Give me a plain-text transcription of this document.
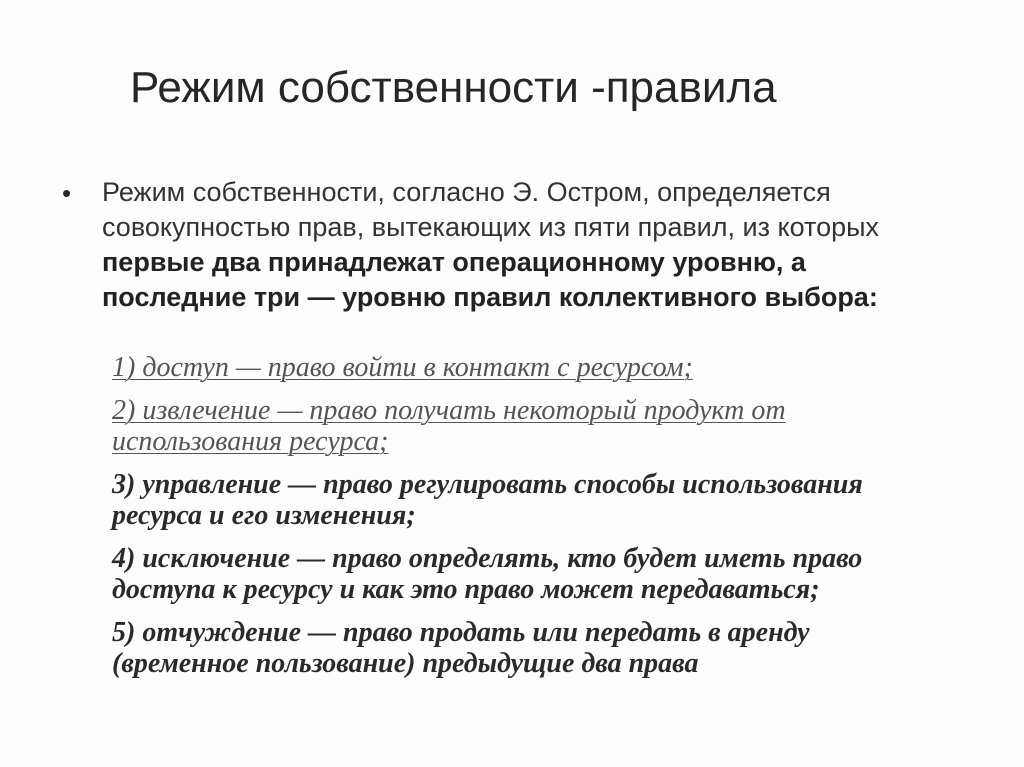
Режим собственности -правила
•	Режим собственности, согласно Э. Остром, определяется совокупностью прав, вытекающих из пяти правил, из которых первые два принадлежат операционному уровню, а последние три — уровню правил коллективного выбора:

1) доступ — право войти в контакт с ресурсом;

2) извлечение — право получать некоторый продукт от использования ресурса;

3) управление — право регулировать способы использования ресурса и его изменения;

4) исключение — право определять, кто будет иметь право доступа к ресурсу и как это право может передаваться;

5) отчуждение — право продать или передать в аренду (временное пользование) предыдущие два права
